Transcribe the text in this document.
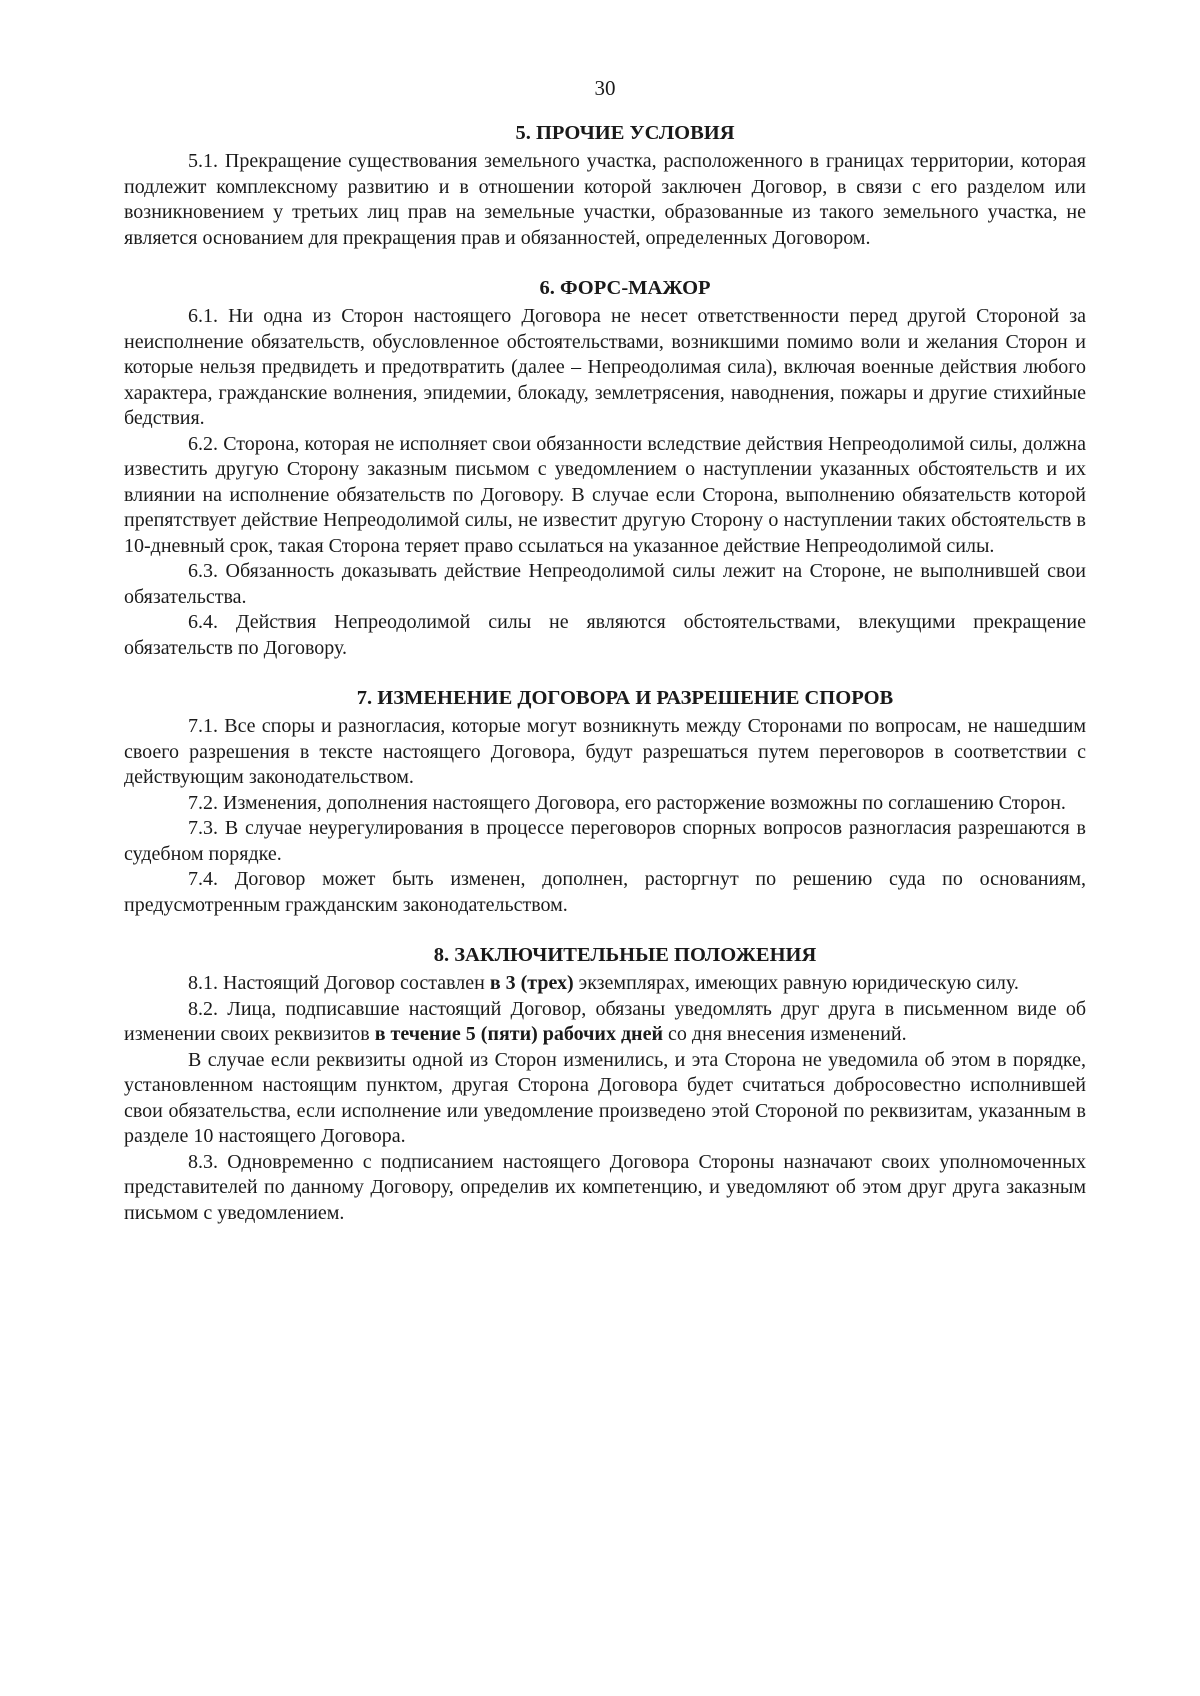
30
5. ПРОЧИЕ УСЛОВИЯ

5.1. Прекращение существования земельного участка, расположенного в границах территории, которая подлежит комплексному развитию и в отношении которой заключен Договор, в связи с его разделом или возникновением у третьих лиц прав на земельные участки, образованные из такого земельного участка, не является основанием для прекращения прав и обязанностей, определенных Договором.

6. ФОРС-МАЖОР

6.1. Ни одна из Сторон настоящего Договора не несет ответственности перед другой Стороной за неисполнение обязательств, обусловленное обстоятельствами, возникшими помимо воли и желания Сторон и которые нельзя предвидеть и предотвратить (далее – Непреодолимая сила), включая военные действия любого характера, гражданские волнения, эпидемии, блокаду, землетрясения, наводнения, пожары и другие стихийные бедствия.

6.2. Сторона, которая не исполняет свои обязанности вследствие действия Непреодолимой силы, должна известить другую Сторону заказным письмом с уведомлением о наступлении указанных обстоятельств и их влиянии на исполнение обязательств по Договору. В случае если Сторона, выполнению обязательств которой препятствует действие Непреодолимой силы, не известит другую Сторону о наступлении таких обстоятельств в 10-дневный срок, такая Сторона теряет право ссылаться на указанное действие Непреодолимой силы.

6.3. Обязанность доказывать действие Непреодолимой силы лежит на Стороне, не выполнившей свои обязательства.

6.4. Действия Непреодолимой силы не являются обстоятельствами, влекущими прекращение обязательств по Договору.

7. ИЗМЕНЕНИЕ ДОГОВОРА И РАЗРЕШЕНИЕ СПОРОВ

7.1. Все споры и разногласия, которые могут возникнуть между Сторонами по вопросам, не нашедшим своего разрешения в тексте настоящего Договора, будут разрешаться путем переговоров в соответствии с действующим законодательством.

7.2. Изменения, дополнения настоящего Договора, его расторжение возможны по соглашению Сторон.

7.3. В случае неурегулирования в процессе переговоров спорных вопросов разногласия разрешаются в судебном порядке.

7.4. Договор может быть изменен, дополнен, расторгнут по решению суда по основаниям, предусмотренным гражданским законодательством.

8. ЗАКЛЮЧИТЕЛЬНЫЕ ПОЛОЖЕНИЯ

8.1. Настоящий Договор составлен в 3 (трех) экземплярах, имеющих равную юридическую силу.

8.2. Лица, подписавшие настоящий Договор, обязаны уведомлять друг друга в письменном виде об изменении своих реквизитов в течение 5 (пяти) рабочих дней со дня внесения изменений.

В случае если реквизиты одной из Сторон изменились, и эта Сторона не уведомила об этом в порядке, установленном настоящим пунктом, другая Сторона Договора будет считаться добросовестно исполнившей свои обязательства, если исполнение или уведомление произведено этой Стороной по реквизитам, указанным в разделе 10 настоящего Договора.

8.3. Одновременно с подписанием настоящего Договора Стороны назначают своих уполномоченных представителей по данному Договору, определив их компетенцию, и уведомляют об этом друг друга заказным письмом с уведомлением.
